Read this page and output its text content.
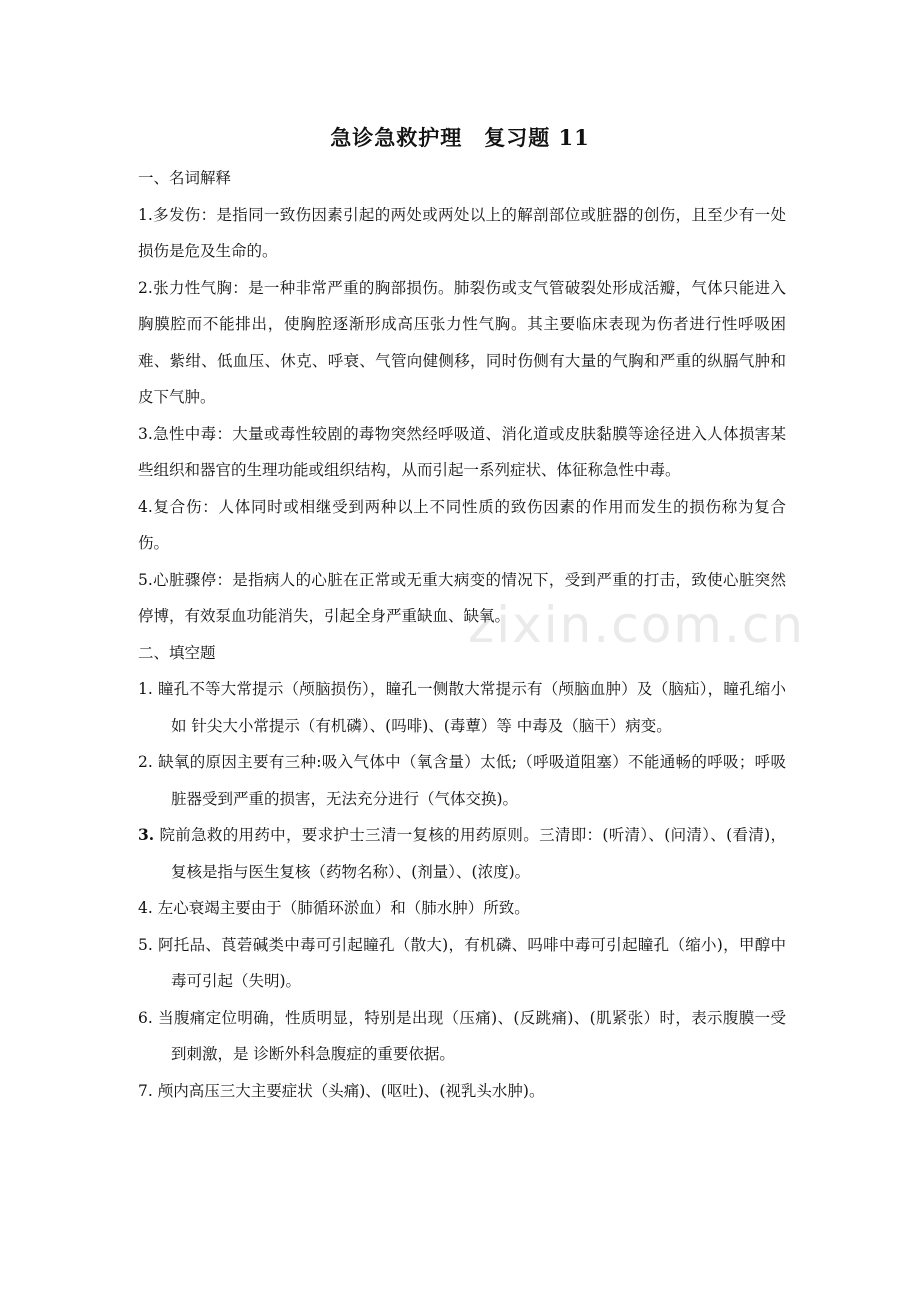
急诊急救护理　复习题 11

一、名词解释

1.多发伤：是指同一致伤因素引起的两处或两处以上的解剖部位或脏器的创伤，且至少有一处损伤是危及生命的。

2.张力性气胸：是一种非常严重的胸部损伤。肺裂伤或支气管破裂处形成活瓣，气体只能进入胸膜腔而不能排出，使胸腔逐渐形成高压张力性气胸。其主要临床表现为伤者进行性呼吸困难、紫绀、低血压、休克、呼衰、气管向健侧移，同时伤侧有大量的气胸和严重的纵膈气肿和皮下气肿。

3.急性中毒：大量或毒性较剧的毒物突然经呼吸道、消化道或皮肤黏膜等途径进入人体损害某些组织和器官的生理功能或组织结构，从而引起一系列症状、体征称急性中毒。

4.复合伤：人体同时或相继受到两种以上不同性质的致伤因素的作用而发生的损伤称为复合伤。

5.心脏骤停：是指病人的心脏在正常或无重大病变的情况下，受到严重的打击，致使心脏突然停博，有效泵血功能消失，引起全身严重缺血、缺氧。

二、填空题

1. 瞳孔不等大常提示（颅脑损伤），瞳孔一侧散大常提示有（颅脑血肿）及（脑疝），瞳孔缩小如 针尖大小常提示（有机磷）、(吗啡)、(毒蕈）等 中毒及（脑干）病变。

2. 缺氧的原因主要有三种:吸入气体中（氧含量）太低;（呼吸道阻塞）不能通畅的呼吸；呼吸脏器受到严重的损害，无法充分进行（气体交换)。

3. 院前急救的用药中，要求护士三清一复核的用药原则。三清即：(听清）、(问清）、(看清)，复核是指与医生复核（药物名称）、(剂量）、(浓度)。

4. 左心衰竭主要由于（肺循环淤血）和（肺水肿）所致。

5. 阿托品、莨菪碱类中毒可引起瞳孔（散大)，有机磷、吗啡中毒可引起瞳孔（缩小)，甲醇中毒可引起（失明)。

6. 当腹痛定位明确，性质明显，特别是出现（压痛)、(反跳痛)、(肌紧张）时，表示腹膜一受到刺激，是 诊断外科急腹症的重要依据。

7. 颅内高压三大主要症状（头痛)、(呕吐)、(视乳头水肿)。

zixin.com.cn
